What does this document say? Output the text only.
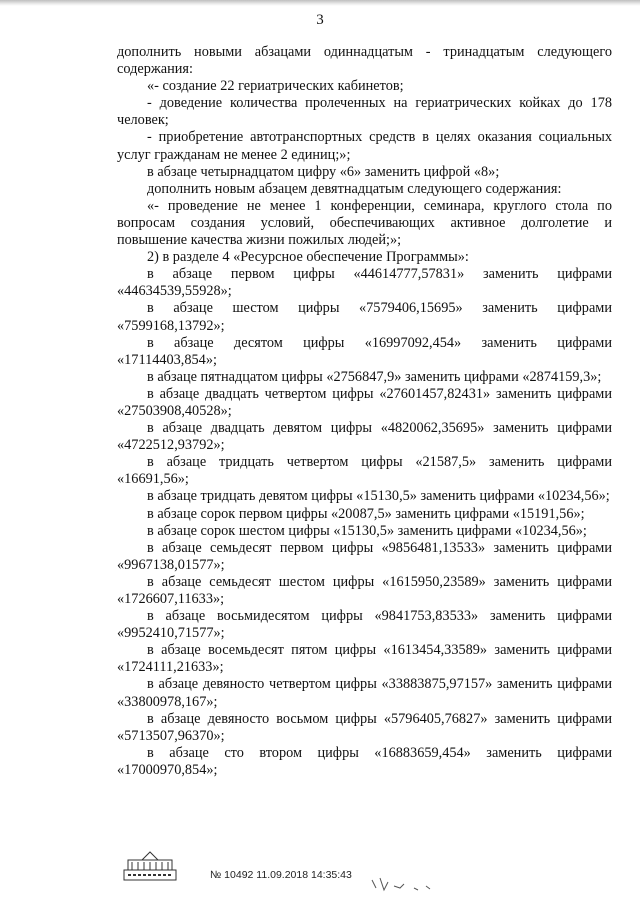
3

дополнить новыми абзацами одиннадцатым - тринадцатым следующего содержания:

«- создание 22 гериатрических кабинетов;

- доведение количества пролеченных на гериатрических койках до 178 человек;

- приобретение автотранспортных средств в целях оказания социальных услуг гражданам не менее 2 единиц;»;

в абзаце четырнадцатом цифру «6» заменить цифрой «8»;

дополнить новым абзацем девятнадцатым следующего содержания:

«- проведение не менее 1 конференции, семинара, круглого стола по вопросам создания условий, обеспечивающих активное долголетие и повышение качества жизни пожилых людей;»;

2) в разделе 4 «Ресурсное обеспечение Программы»:

в абзаце первом цифры «44614777,57831» заменить цифрами «44634539,55928»;

в абзаце шестом цифры «7579406,15695» заменить цифрами «7599168,13792»;

в абзаце десятом цифры «16997092,454» заменить цифрами «17114403,854»;

в абзаце пятнадцатом цифры «2756847,9» заменить цифрами «2874159,3»;

в абзаце двадцать четвертом цифры «27601457,82431» заменить цифрами «27503908,40528»;

в абзаце двадцать девятом цифры «4820062,35695» заменить цифрами «4722512,93792»;

в абзаце тридцать четвертом цифры «21587,5» заменить цифрами «16691,56»;

в абзаце тридцать девятом цифры «15130,5» заменить цифрами «10234,56»;

в абзаце сорок первом цифры «20087,5» заменить цифрами «15191,56»;

в абзаце сорок шестом цифры «15130,5» заменить цифрами «10234,56»;

в абзаце семьдесят первом цифры «9856481,13533» заменить цифрами «9967138,01577»;

в абзаце семьдесят шестом цифры «1615950,23589» заменить цифрами «1726607,11633»;

в абзаце восьмидесятом цифры «9841753,83533» заменить цифрами «9952410,71577»;

в абзаце восемьдесят пятом цифры «1613454,33589» заменить цифрами «1724111,21633»;

в абзаце девяносто четвертом цифры «33883875,97157» заменить цифрами «33800978,167»;

в абзаце девяносто восьмом цифры «5796405,76827» заменить цифрами «5713507,96370»;

в абзаце сто втором цифры «16883659,454» заменить цифрами «17000970,854»;

№ 10492 11.09.2018 14:35:43
